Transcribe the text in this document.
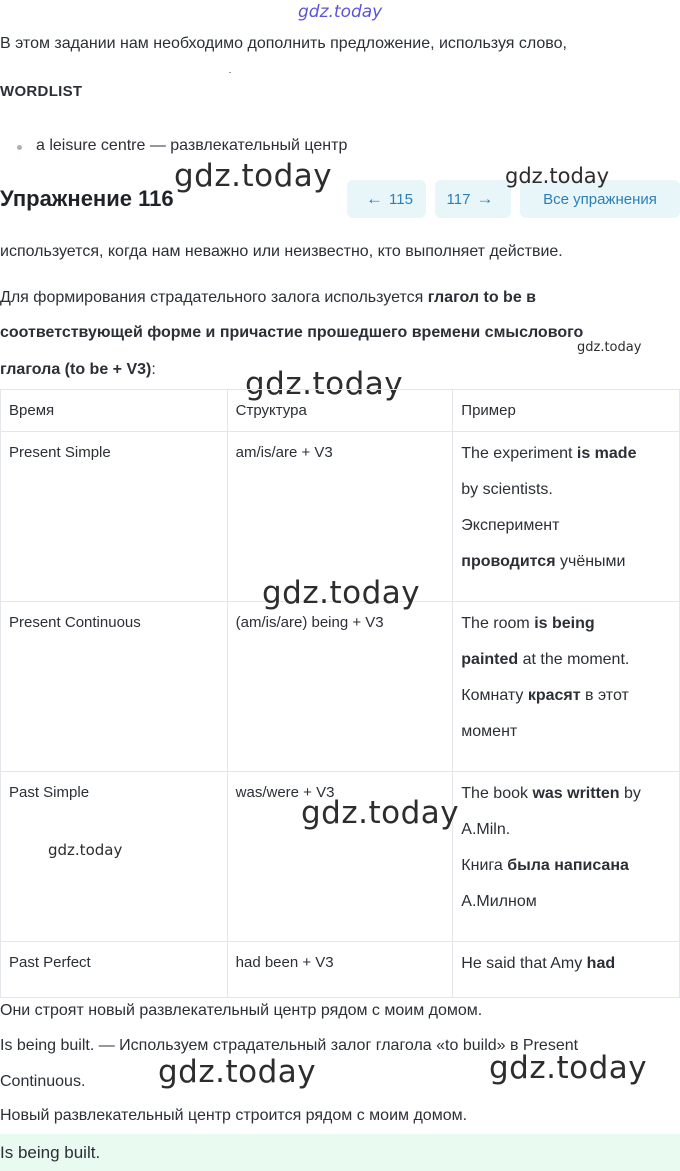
gdz.today
В этом задании нам необходимо дополнить предложение, используя слово,
WORDLIST
a leisure centre — развлекательный центр
Упражнение 116
gdz.today
← 115 117 →	Все упражнения
gdz.today
используется, когда нам неважно или неизвестно, кто выполняет действие.
Для формирования страдательного залога используется глагол to be в
соответствующей форме и причастие прошедшего времени смыслового
gdz.today
глагола (to be + V3):	gdz.today
Время	Структура	Пример
Present Simple	am/is/are + V3	The experiment is made
by scientists.
Эксперимент
проводится учёными
Present Continuous	(am/is/are) being + V3	The room is being
painted at the moment.
Комнату красят в этот
момент
Past Simple	was/were + V3	The book was written by
A.Miln.
Книга была написана
А.Милном
Past Perfect	had been + V3	He said that Amy had
gdz.today
gdz.today
gdz.today
Они строят новый развлекательный центр рядом с моим домом.
Is being built. — Используем страдательный залог глагола «to build» в Present
Continuous. gdz.today	gdz.today
Новый развлекательный центр строится рядом с моим домом.
Is being built.
